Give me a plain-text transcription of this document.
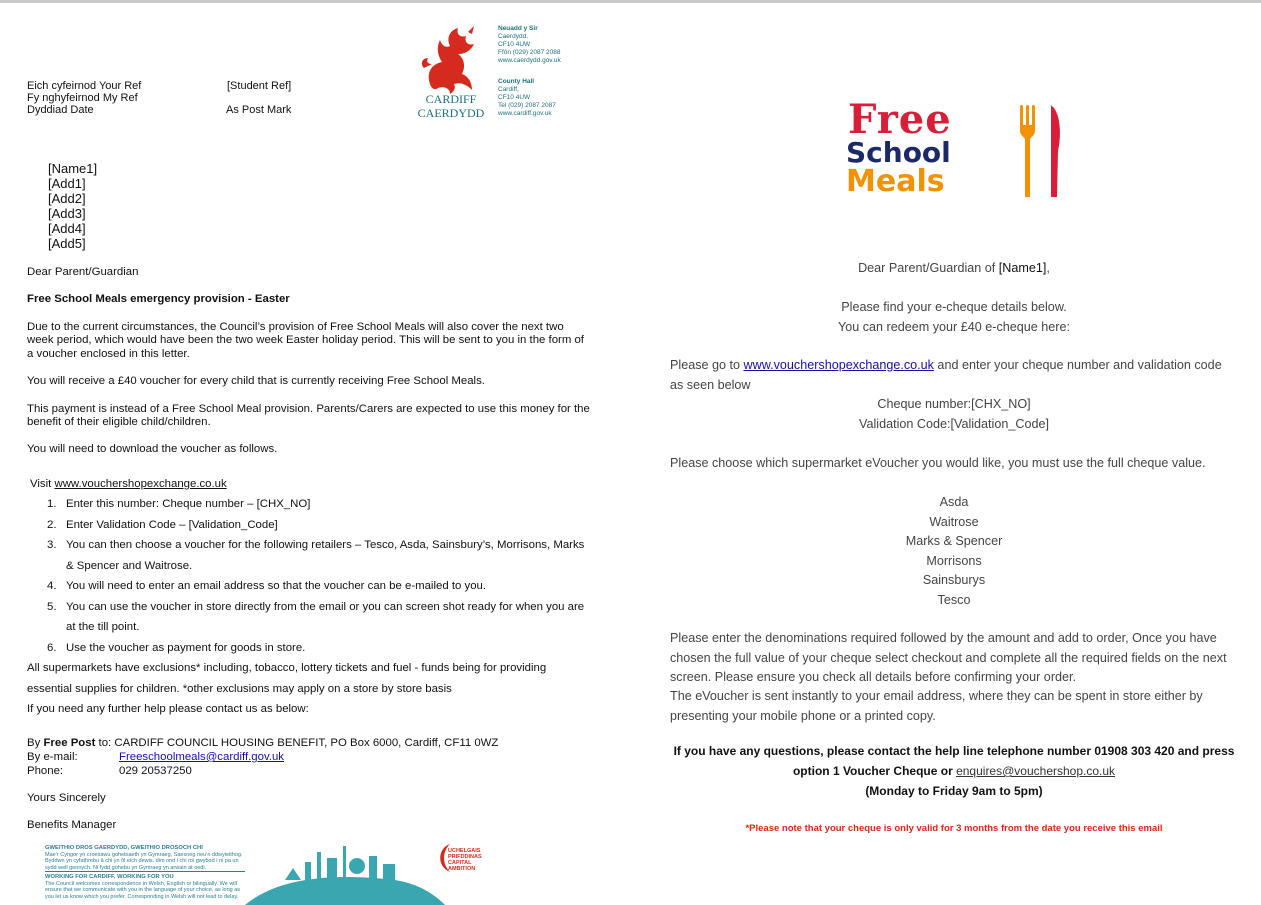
Eich cyfeirnod Your Ref	[Student Ref]
Fy nghyfeirnod My Ref
Dyddiad Date	As Post Mark
CARDIFF
CAERDYDD
Neuadd y Sir
Caerdydd,
CF10 4UW
Ffôn (029) 2087 2088
www.caerdydd.gov.uk
County Hall
Cardiff,
CF10 4UW
Tel (029) 2087 2087
www.cardiff.gov.uk
[Name1]
[Add1]
[Add2]
[Add3]
[Add4]
[Add5]
Dear Parent/Guardian
Free School Meals emergency provision - Easter
Due to the current circumstances, the Council’s provision of Free School Meals will also cover the next two week period, which would have been the two week Easter holiday period. This will be sent to you in the form of a voucher enclosed in this letter.
You will receive a £40 voucher for every child that is currently receiving Free School Meals.
This payment is instead of a Free School Meal provision. Parents/Carers are expected to use this money for the benefit of their eligible child/children.
You will need to download the voucher as follows.
Visit www.vouchershopexchange.co.uk
1. Enter this number: Cheque number – [CHX_NO]
2. Enter Validation Code – [Validation_Code]
3. You can then choose a voucher for the following retailers – Tesco, Asda, Sainsbury’s, Morrisons, Marks & Spencer and Waitrose.
4. You will need to enter an email address so that the voucher can be e-mailed to you.
5. You can use the voucher in store directly from the email or you can screen shot ready for when you are at the till point.
6. Use the voucher as payment for goods in store.
All supermarkets have exclusions* including, tobacco, lottery tickets and fuel - funds being for providing essential supplies for children. *other exclusions may apply on a store by store basis
If you need any further help please contact us as below:
By Free Post to: CARDIFF COUNCIL HOUSING BENEFIT, PO Box 6000, Cardiff, CF11 0WZ
By e-mail:	Freeschoolmeals@cardiff.gov.uk
Phone:	029 20537250
Yours Sincerely
Benefits Manager
GWEITHIO DROS GAERDYDD, GWEITHIO DROSOCH CHI
Mae’r Cyngor yn croesawu gohebiaeth yn Gymraeg, Saesneg neu’n ddwyieithog. Byddwn yn cyfathrebu â chi yn ôl eich dewis, dim ond i chi roi gwybod i ni pa un sydd well gennych. Ni fydd gohebu yn Gymraeg yn arwain at oedi.
WORKING FOR CARDIFF, WORKING FOR YOU
The Council welcomes correspondence in Welsh, English or bilingually. We will ensure that we communicate with you in the language of your choice, as long as you let us know which you prefer. Corresponding in Welsh will not lead to delay.
UCHELGAIS
PRIFDDINAS
CAPITAL
AMBITION
Free
School
Meals
Dear Parent/Guardian of [Name1],
Please find your e-cheque details below.
You can redeem your £40 e-cheque here:
Please go to www.vouchershopexchange.co.uk and enter your cheque number and validation code as seen below
Cheque number:[CHX_NO]
Validation Code:[Validation_Code]
Please choose which supermarket eVoucher you would like, you must use the full cheque value.
Asda
Waitrose
Marks & Spencer
Morrisons
Sainsburys
Tesco
Please enter the denominations required followed by the amount and add to order, Once you have chosen the full value of your cheque select checkout and complete all the required fields on the next screen. Please ensure you check all details before confirming your order.
The eVoucher is sent instantly to your email address, where they can be spent in store either by presenting your mobile phone or a printed copy.
If you have any questions, please contact the help line telephone number 01908 303 420 and press option 1 Voucher Cheque or enquires@vouchershop.co.uk
(Monday to Friday 9am to 5pm)
*Please note that your cheque is only valid for 3 months from the date you receive this email
